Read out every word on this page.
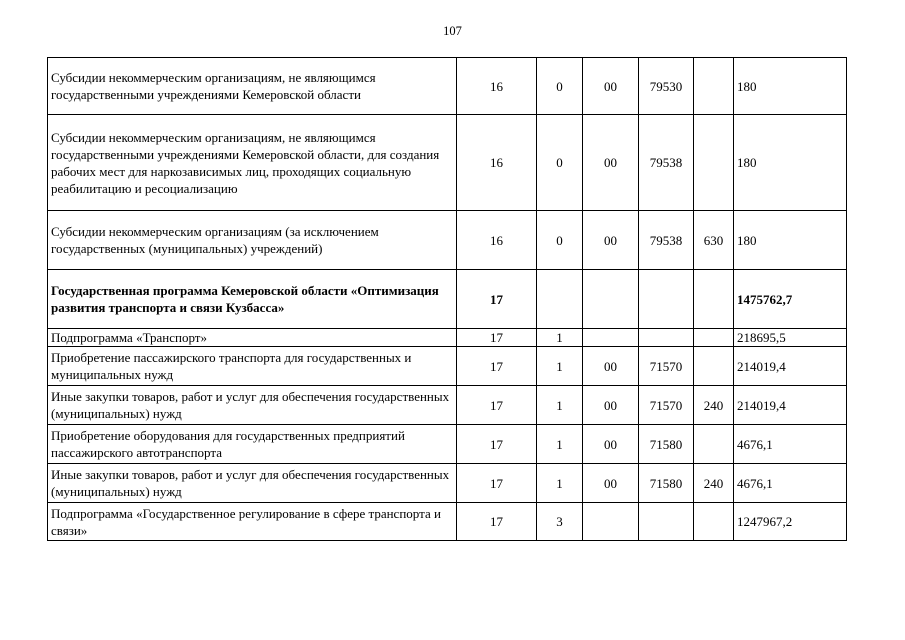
107
Субсидии некоммерческим организациям, не являющимся государственными учреждениями Кемеровской области	16	0	00	79530		180
Субсидии некоммерческим организациям, не являющимся государственными учреждениями Кемеровской области, для создания рабочих мест для наркозависимых лиц, проходящих социальную реабилитацию и ресоциализацию	16	0	00	79538		180
Субсидии некоммерческим организациям (за исключением государственных (муниципальных) учреждений)	16	0	00	79538	630	180
Государственная программа Кемеровской области «Оптимизация развития транспорта и связи Кузбасса»	17					1475762,7
Подпрограмма «Транспорт»	17	1				218695,5
Приобретение пассажирского транспорта для государственных и муниципальных нужд	17	1	00	71570		214019,4
Иные закупки товаров, работ и услуг для обеспечения государственных (муниципальных) нужд	17	1	00	71570	240	214019,4
Приобретение оборудования для государственных предприятий пассажирского автотранспорта	17	1	00	71580		4676,1
Иные закупки товаров, работ и услуг для обеспечения государственных (муниципальных) нужд	17	1	00	71580	240	4676,1
Подпрограмма «Государственное регулирование в сфере транспорта и связи»	17	3				1247967,2
